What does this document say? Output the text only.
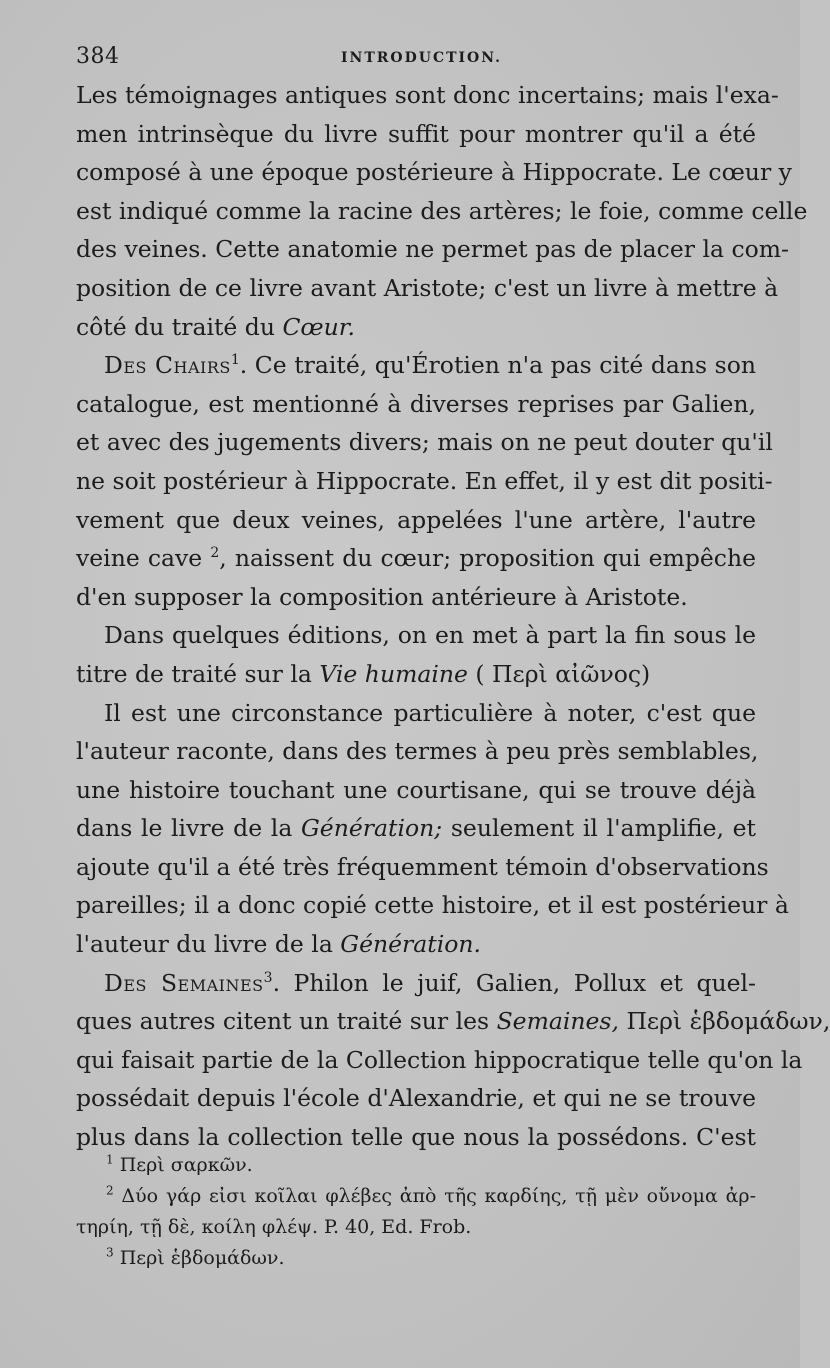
384	INTRODUCTION.
Les témoignages antiques sont donc incertains; mais l'exa-
men intrinsèque du livre suffit pour montrer qu'il a été
composé à une époque postérieure à Hippocrate. Le cœur y
est indiqué comme la racine des artères; le foie, comme celle
des veines. Cette anatomie ne permet pas de placer la com-
position de ce livre avant Aristote; c'est un livre à mettre à
côté du traité du Cœur.
Des Chairs$^1$. Ce traité, qu'Érotien n'a pas cité dans son
catalogue, est mentionné à diverses reprises par Galien,
et avec des jugements divers; mais on ne peut douter qu'il
ne soit postérieur à Hippocrate. En effet, il y est dit positi-
vement que deux veines, appelées l'une artère, l'autre
veine cave $^2$, naissent du cœur; proposition qui empêche
d'en supposer la composition antérieure à Aristote.
Dans quelques éditions, on en met à part la fin sous le
titre de traité sur la Vie humaine ( Περὶ αἰῶνος)
Il est une circonstance particulière à noter, c'est que
l'auteur raconte, dans des termes à peu près semblables,
une histoire touchant une courtisane, qui se trouve déjà
dans le livre de la Génération; seulement il l'amplifie, et
ajoute qu'il a été très fréquemment témoin d'observations
pareilles; il a donc copié cette histoire, et il est postérieur à
l'auteur du livre de la Génération.
Des Semaines$^3$. Philon le juif, Galien, Pollux et quel-
ques autres citent un traité sur les Semaines, Περὶ ἑβδομάδων,
qui faisait partie de la Collection hippocratique telle qu'on la
possédait depuis l'école d'Alexandrie, et qui ne se trouve
plus dans la collection telle que nous la possédons. C'est
$^1$ Περὶ σαρκῶν.
$^2$ Δύο γάρ εἰσι κοῖλαι φλέβες ἀπὸ τῆς καρδίης, τῇ μὲν οὔνομα ἀρ-
τηρίη, τῇ δὲ, κοίλη φλέψ. P. 40, Ed. Frob.
$^3$ Περὶ ἑβδομάδων.
